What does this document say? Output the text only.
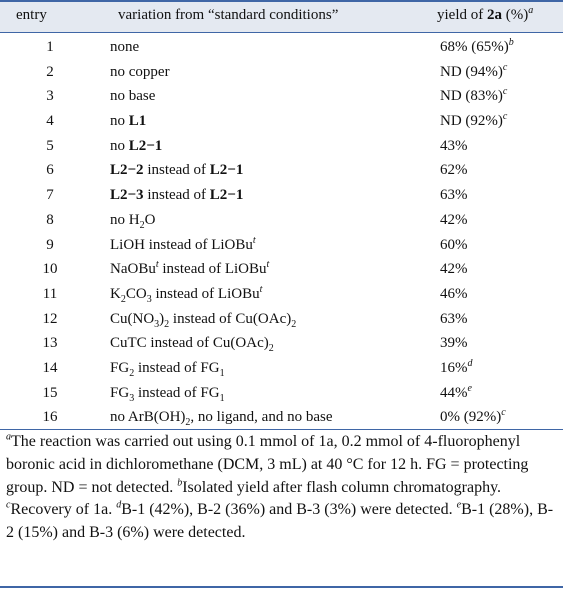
entry	variation from “standard conditions”	yield of 2a (%)$^a$
1	none	68% (65%)$^b$
2	no copper	ND (94%)$^c$
3	no base	ND (83%)$^c$
4	no L1	ND (92%)$^c$
5	no L2−1	43%
6	L2−2 instead of L2−1	62%
7	L2−3 instead of L2−1	63%
8	no $H_2O$	42%
9	LiOH instead of LiOBu$^t$	60%
10	NaOBu$^t$ instead of LiOBu$^t$	42%
11	$K_2CO_3$ instead of LiOBu$^t$	46%
12	$Cu(NO_3)_2$ instead of $Cu(OAc)_2$	63%
13	CuTC instead of $Cu(OAc)_2$	39%
14	$FG_2$ instead of $FG_1$	16%$^d$
15	$FG_3$ instead of $FG_1$	44%$^e$
16	no $ArB(OH)_2$, no ligand, and no base	0% (92%)$^c$
$^a$The reaction was carried out using 0.1 mmol of 1a, 0.2 mmol of 4-fluorophenyl boronic acid in dichloromethane (DCM, 3 mL) at 40 °C for 12 h. FG = protecting group. ND = not detected. $^b$Isolated yield after flash column chromatography. $^c$Recovery of 1a. $^d$B-1 (42%), B-2 (36%) and B-3 (3%) were detected. $^e$B-1 (28%), B-2 (15%) and B-3 (6%) were detected.
